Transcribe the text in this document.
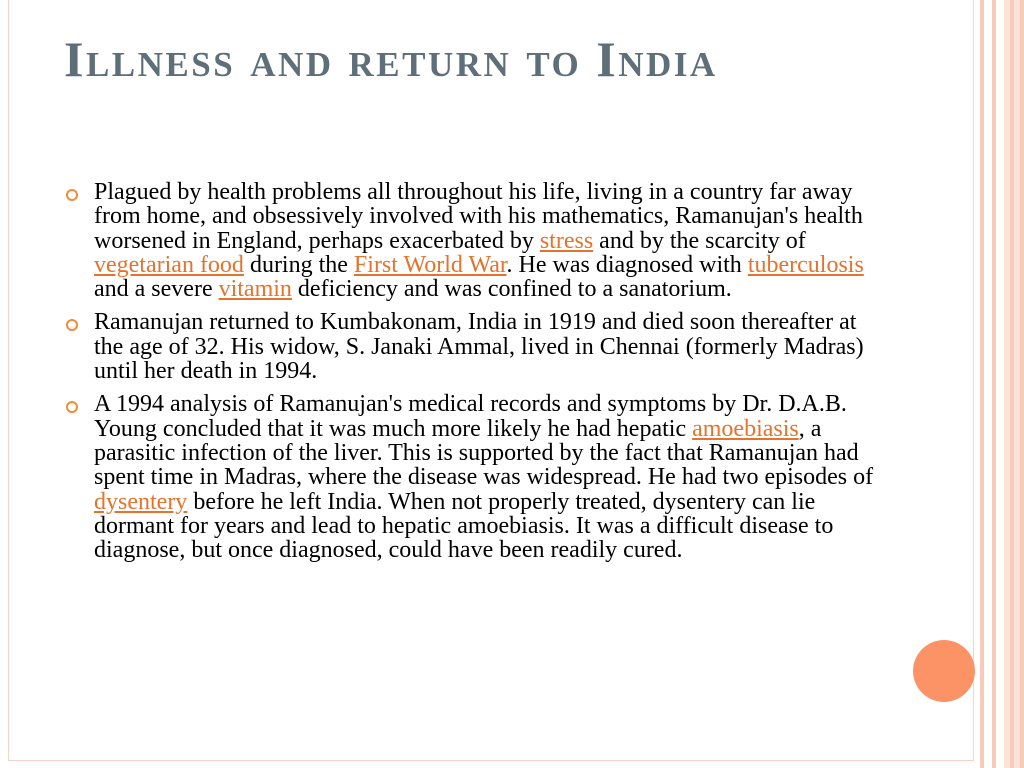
Illness and return to India
Plagued by health problems all throughout his life, living in a country far away from home, and obsessively involved with his mathematics, Ramanujan's health worsened in England, perhaps exacerbated by stress and by the scarcity of vegetarian food during the First World War. He was diagnosed with tuberculosis and a severe vitamin deficiency and was confined to a sanatorium.
Ramanujan returned to Kumbakonam, India in 1919 and died soon thereafter at the age of 32. His widow, S. Janaki Ammal, lived in Chennai (formerly Madras) until her death in 1994.
A 1994 analysis of Ramanujan's medical records and symptoms by Dr. D.A.B. Young concluded that it was much more likely he had hepatic amoebiasis, a parasitic infection of the liver. This is supported by the fact that Ramanujan had spent time in Madras, where the disease was widespread. He had two episodes of dysentery before he left India. When not properly treated, dysentery can lie dormant for years and lead to hepatic amoebiasis. It was a difficult disease to diagnose, but once diagnosed, could have been readily cured.
